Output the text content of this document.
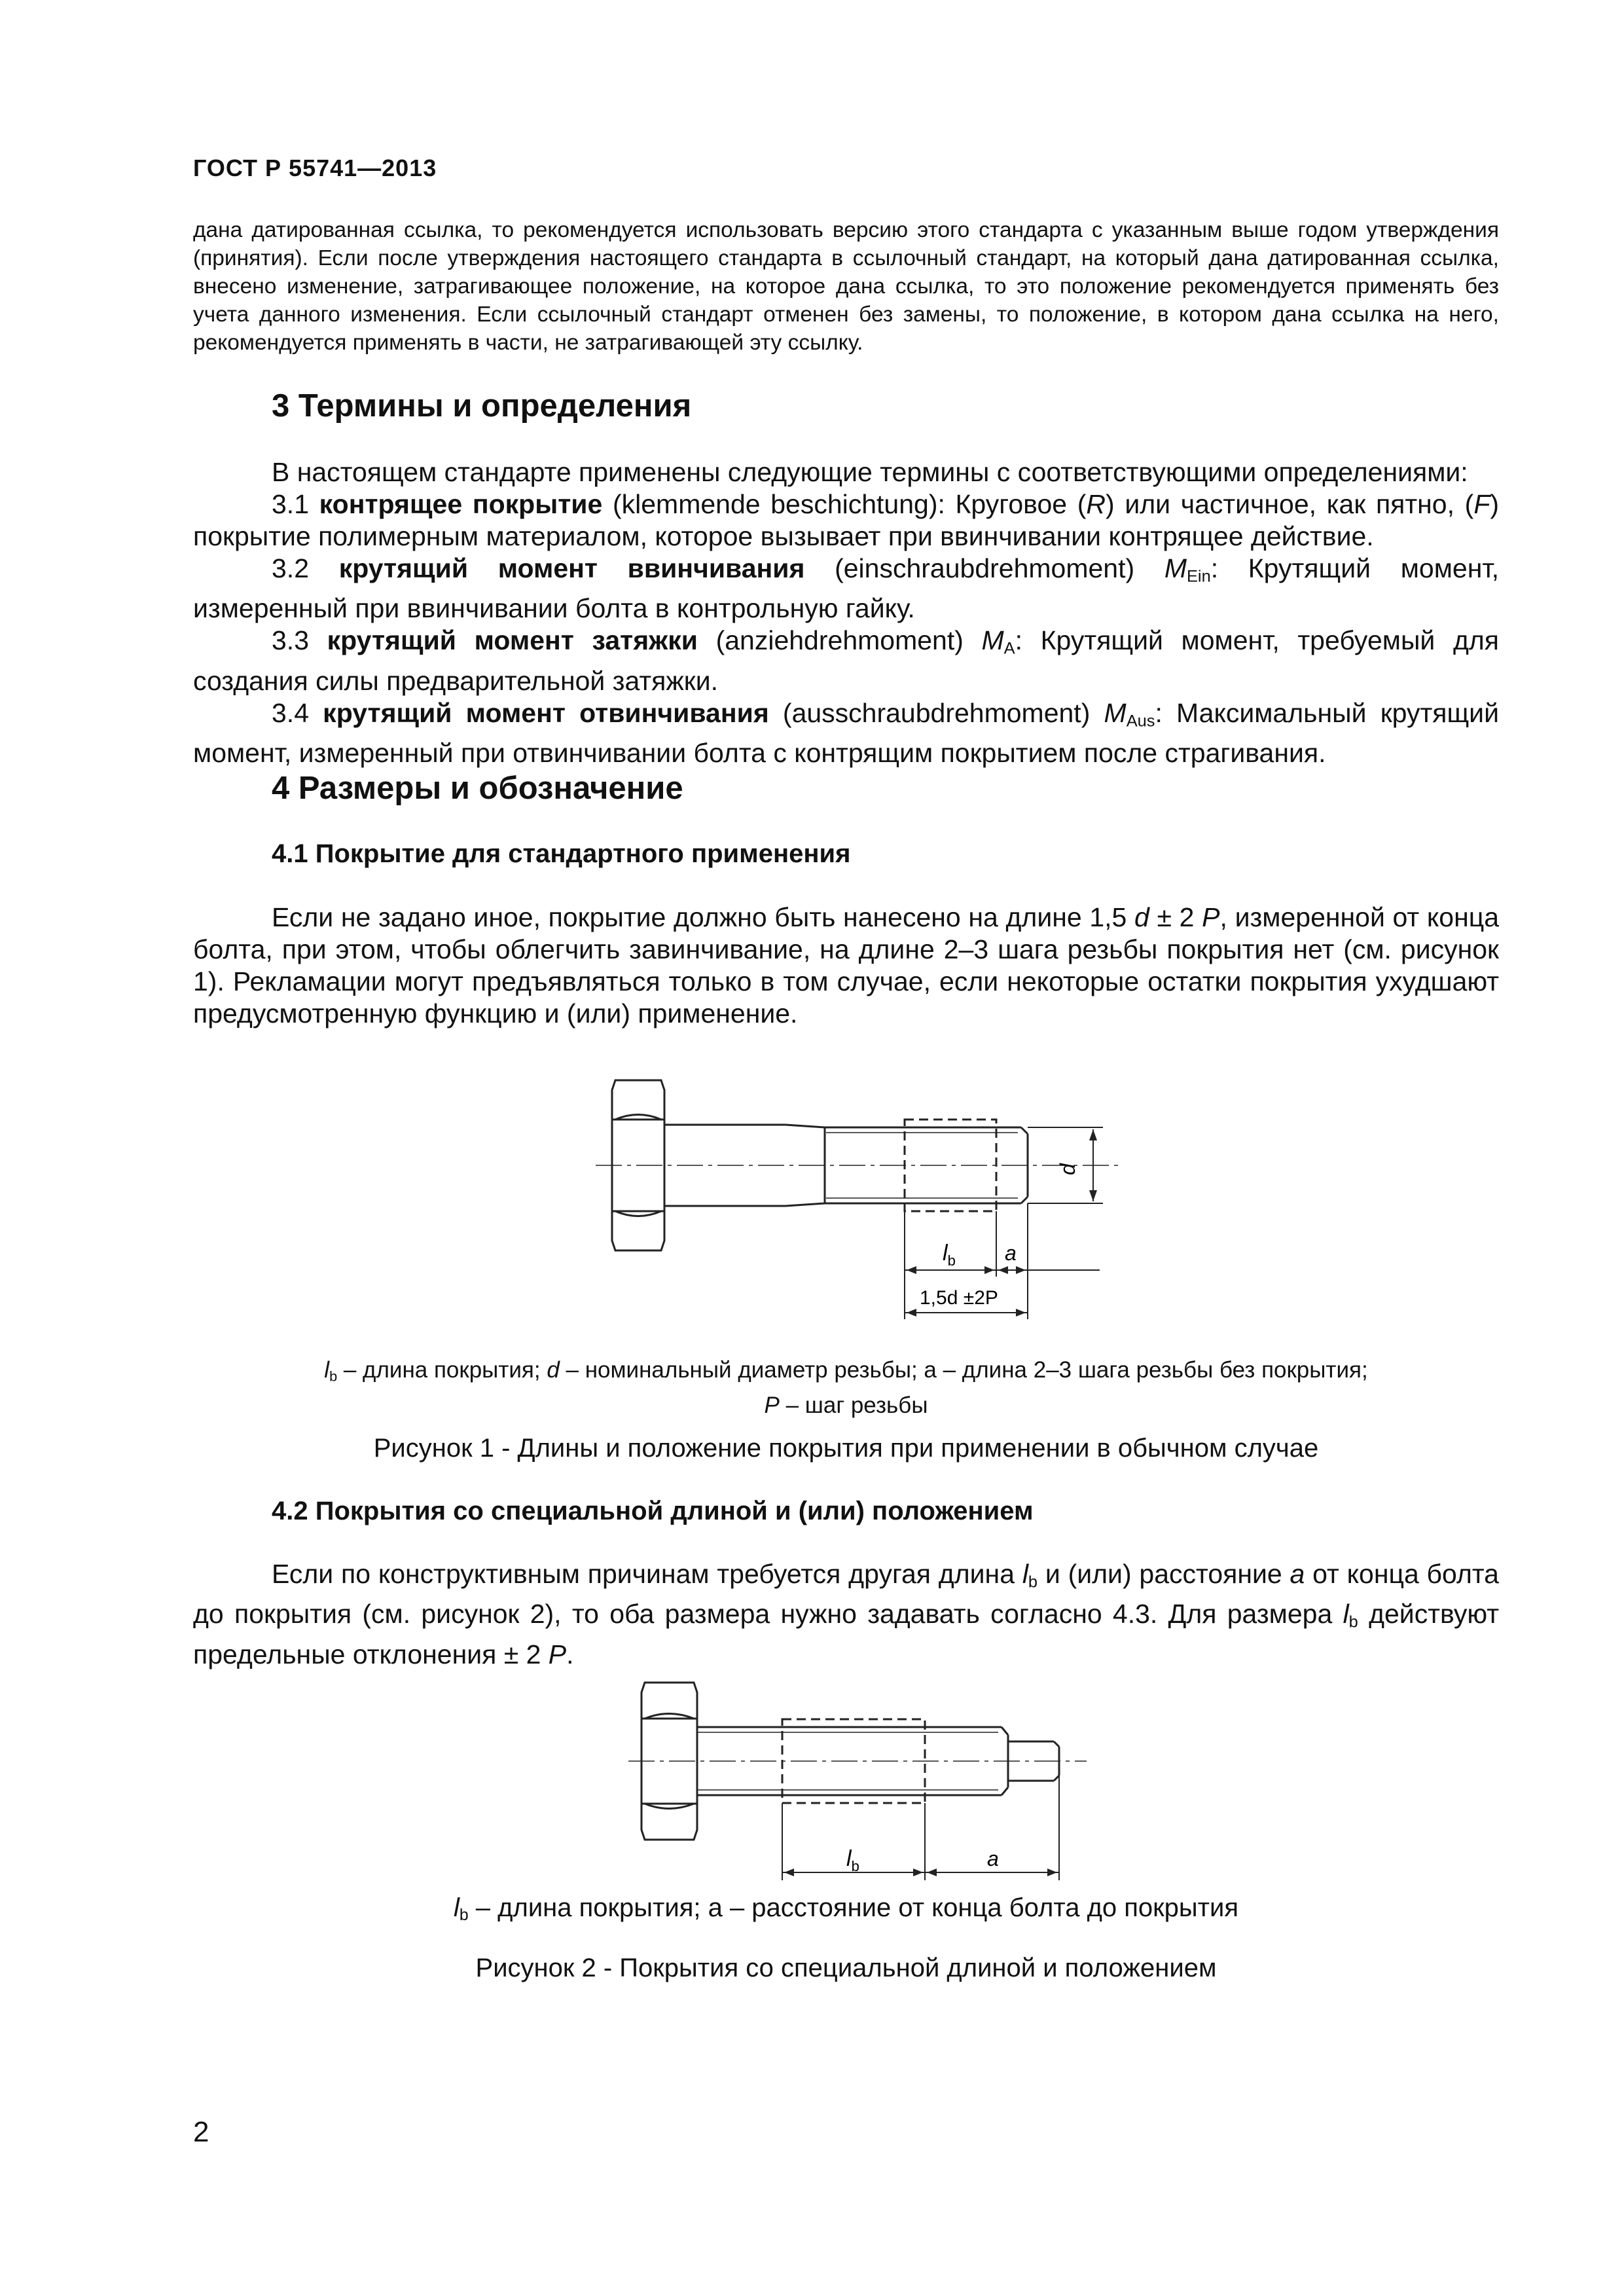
ГОСТ Р 55741—2013

дана датированная ссылка, то рекомендуется использовать версию этого стандарта с указанным выше годом утверждения (принятия). Если после утверждения настоящего стандарта в ссылочный стандарт, на который дана датированная ссылка, внесено изменение, затрагивающее положение, на которое дана ссылка, то это положение рекомендуется применять без учета данного изменения. Если ссылочный стандарт отменен без замены, то положение, в котором дана ссылка на него, рекомендуется применять в части, не затрагивающей эту ссылку.

3 Термины и определения

В настоящем стандарте применены следующие термины с соответствующими определениями:

3.1 контрящее покрытие (klemmende beschichtung): Круговое (R) или частичное, как пятно, (F) покрытие полимерным материалом, которое вызывает при ввинчивании контрящее действие.

3.2 крутящий момент ввинчивания (einschraubdrehmoment) $M_{Ein}$: Крутящий момент, измеренный при ввинчивании болта в контрольную гайку.

3.3 крутящий момент затяжки (anziehdrehmoment) $M_A$: Крутящий момент, требуемый для создания силы предварительной затяжки.

3.4 крутящий момент отвинчивания (ausschraubdrehmoment) $M_{Aus}$: Максимальный крутящий момент, измеренный при отвинчивании болта с контрящим покрытием после страгивания.

4 Размеры и обозначение
4.1 Покрытие для стандартного применения

Если не задано иное, покрытие должно быть нанесено на длине 1,5 d ± 2 P, измеренной от конца болта, при этом, чтобы облегчить завинчивание, на длине 2–3 шага резьбы покрытия нет (см. рисунок 1). Рекламации могут предъявляться только в том случае, если некоторые остатки покрытия ухудшают предусмотренную функцию и (или) применение.

$l_b$ a
d
1,5d ±2P

$l_b$ – длина покрытия; d – номинальный диаметр резьбы; а – длина 2–3 шага резьбы без покрытия;

P – шаг резьбы

Рисунок 1 - Длины и положение покрытия при применении в обычном случае
4.2 Покрытия со специальной длиной и (или) положением

Если по конструктивным причинам требуется другая длина $l_b$ и (или) расстояние a от конца болта до покрытия (см. рисунок 2), то оба размера нужно задавать согласно 4.3. Для размера $l_b$ действуют предельные отклонения ± 2 P.

$l_b$	a
$l_b$ – длина покрытия; а – расстояние от конца болта до покрытия
Рисунок 2 - Покрытия со специальной длиной и положением
2
